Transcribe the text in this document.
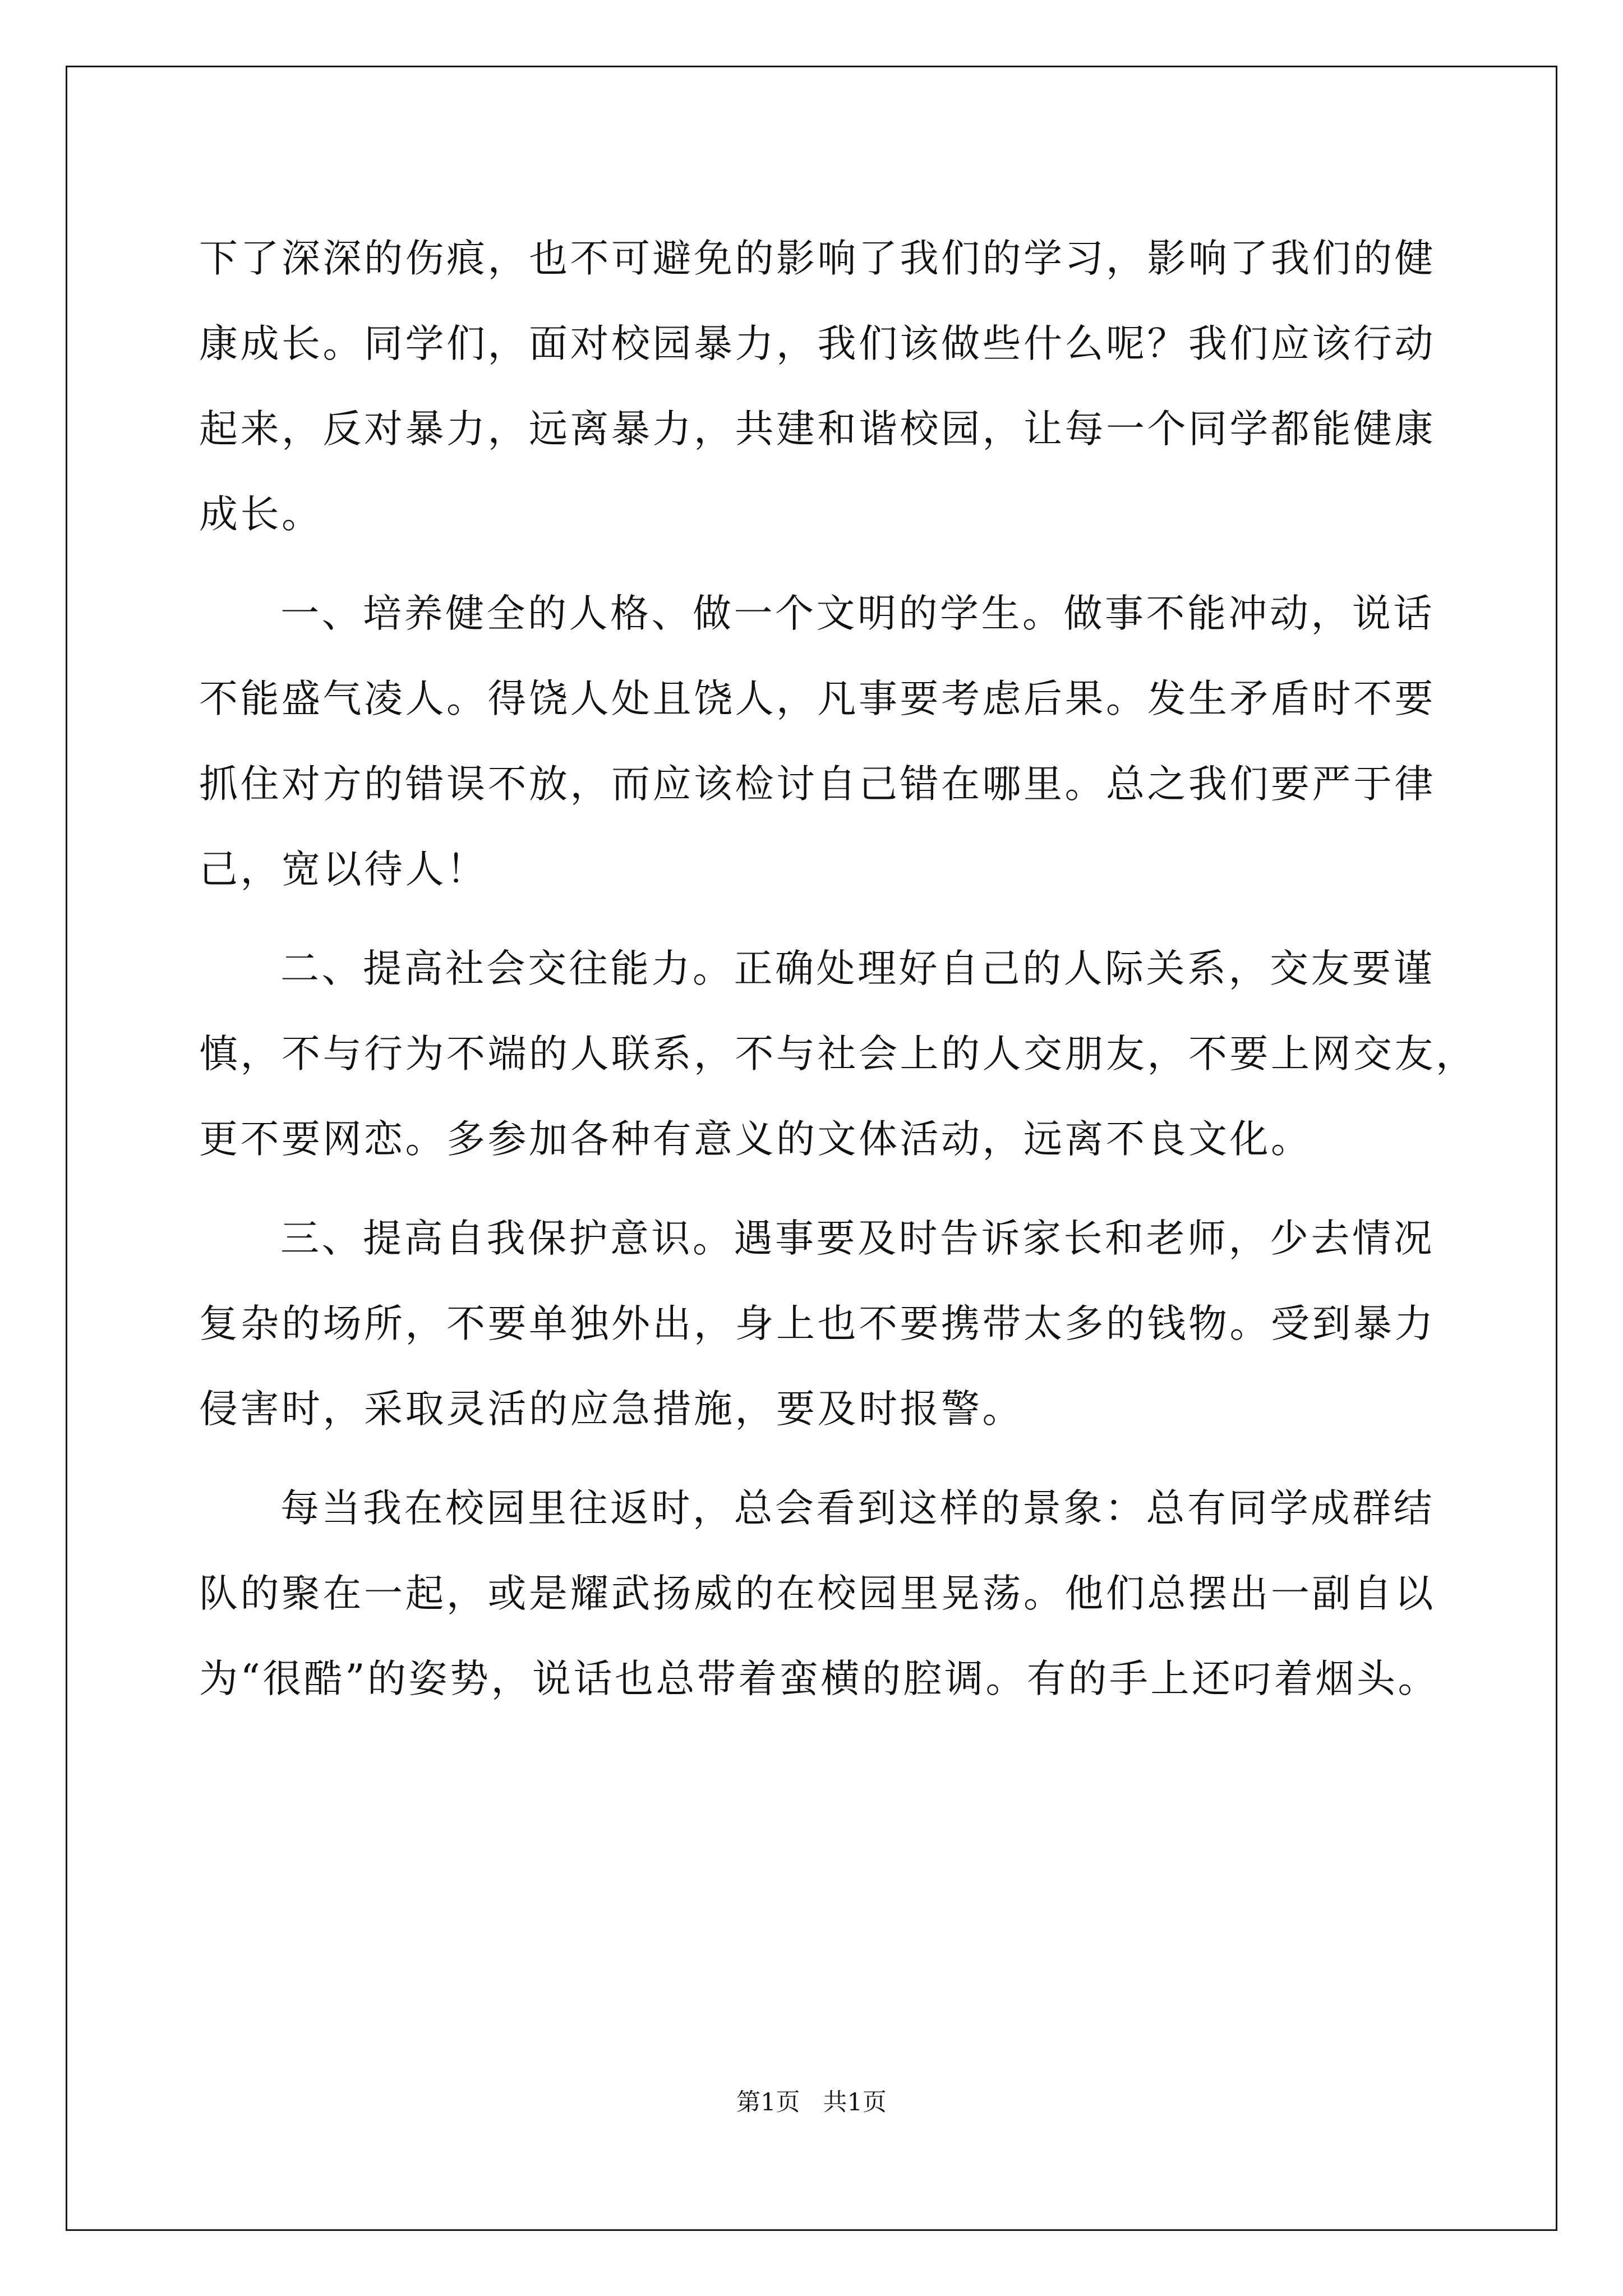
下了深深的伤痕，也不可避免的影响了我们的学习，影响了我们的健
康成长。同学们，面对校园暴力，我们该做些什么呢？我们应该行动
起来，反对暴力，远离暴力，共建和谐校园，让每一个同学都能健康
成长。
一、培养健全的人格、做一个文明的学生。做事不能冲动，说话
不能盛气凌人。得饶人处且饶人，凡事要考虑后果。发生矛盾时不要
抓住对方的错误不放，而应该检讨自己错在哪里。总之我们要严于律
己，宽以待人！
二、提高社会交往能力。正确处理好自己的人际关系，交友要谨
慎，不与行为不端的人联系，不与社会上的人交朋友，不要上网交友，
更不要网恋。多参加各种有意义的文体活动，远离不良文化。
三、提高自我保护意识。遇事要及时告诉家长和老师，少去情况
复杂的场所，不要单独外出，身上也不要携带太多的钱物。受到暴力
侵害时，采取灵活的应急措施，要及时报警。
每当我在校园里往返时，总会看到这样的景象：总有同学成群结
队的聚在一起，或是耀武扬威的在校园里晃荡。他们总摆出一副自以
为“很酷”的姿势，说话也总带着蛮横的腔调。有的手上还叼着烟头。
第1页   共1页
